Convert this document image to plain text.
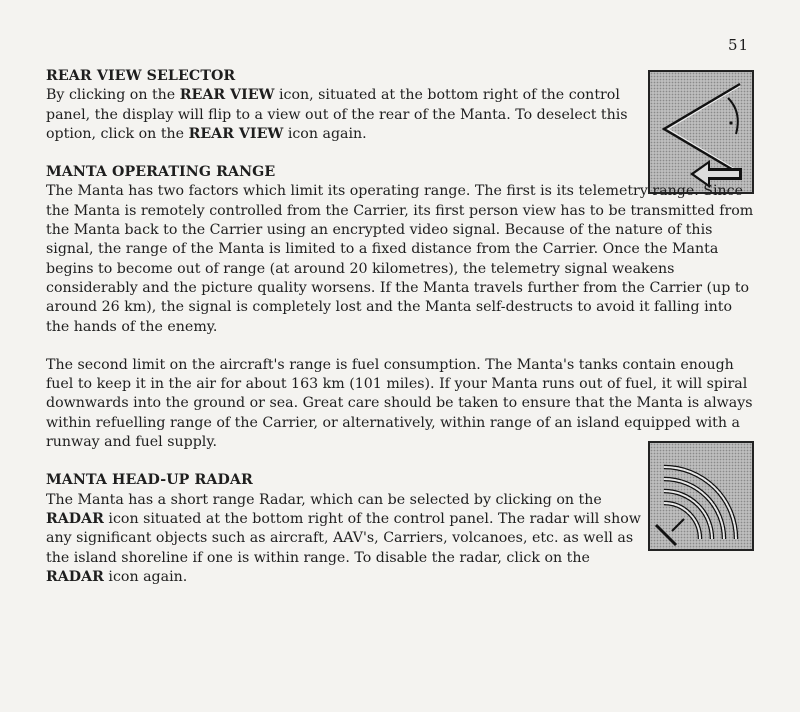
51
REAR VIEW SELECTOR

By clicking on the REAR VIEW icon, situated at the bottom right of the control panel, the display will flip to a view out of the rear of the Manta. To deselect this option, click on the REAR VIEW icon again.

MANTA OPERATING RANGE

The Manta has two factors which limit its operating range. The first is its telemetry range. Since the Manta is remotely controlled from the Carrier, its first person view has to be transmitted from the Manta back to the Carrier using an encrypted video signal. Because of the nature of this signal, the range of the Manta is limited to a fixed distance from the Carrier. Once the Manta begins to become out of range (at around 20 kilometres), the telemetry signal weakens considerably and the picture quality worsens. If the Manta travels further from the Carrier (up to around 26 km), the signal is completely lost and the Manta self-destructs to avoid it falling into the hands of the enemy.

The second limit on the aircraft's range is fuel consumption. The Manta's tanks contain enough fuel to keep it in the air for about 163 km (101 miles). If your Manta runs out of fuel, it will spiral downwards into the ground or sea. Great care should be taken to ensure that the Manta is always within refuelling range of the Carrier, or alternatively, within range of an island equipped with a runway and fuel supply.

MANTA HEAD-UP RADAR

The Manta has a short range Radar, which can be selected by clicking on the RADAR icon situated at the bottom right of the control panel. The radar will show any significant objects such as aircraft, AAV's, Carriers, volcanoes, etc. as well as the island shoreline if one is within range. To disable the radar, click on the RADAR icon again.
